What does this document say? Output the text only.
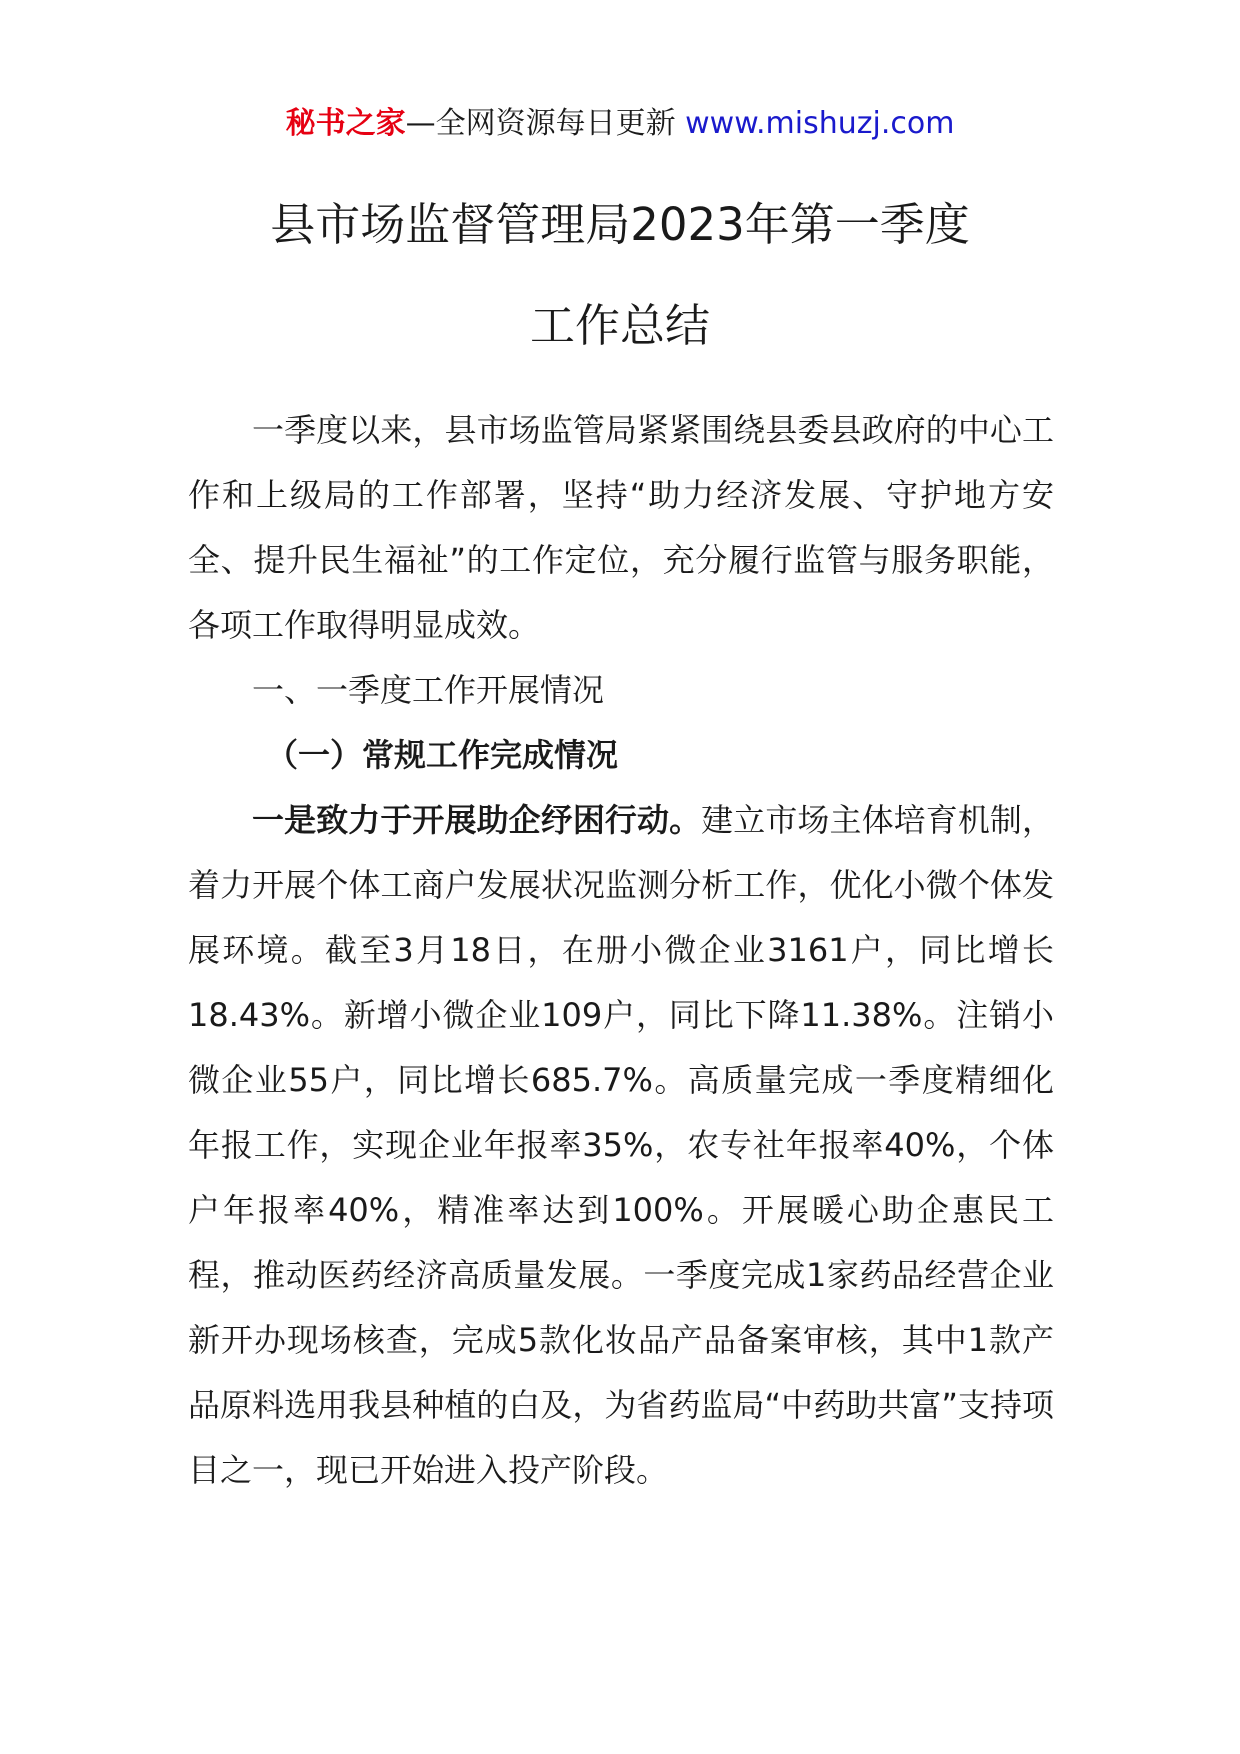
秘书之家—全网资源每日更新 www.mishuzj.com
县市场监督管理局2023年第一季度
工作总结

一季度以来，县市场监管局紧紧围绕县委县政府的中心工作和上级局的工作部署，坚持“助力经济发展、守护地方安全、提升民生福祉”的工作定位，充分履行监管与服务职能，各项工作取得明显成效。

一、一季度工作开展情况

（一）常规工作完成情况

一是致力于开展助企纾困行动。建立市场主体培育机制，着力开展个体工商户发展状况监测分析工作，优化小微个体发展环境。截至3月18日，在册小微企业3161户，同比增长18.43%。新增小微企业109户，同比下降11.38%。注销小微企业55户，同比增长685.7%。高质量完成一季度精细化年报工作，实现企业年报率35%，农专社年报率40%，个体户年报率40%，精准率达到100%。开展暖心助企惠民工程，推动医药经济高质量发展。一季度完成1家药品经营企业新开办现场核查，完成5款化妆品产品备案审核，其中1款产品原料选用我县种植的白及，为省药监局“中药助共富”支持项目之一，现已开始进入投产阶段。
